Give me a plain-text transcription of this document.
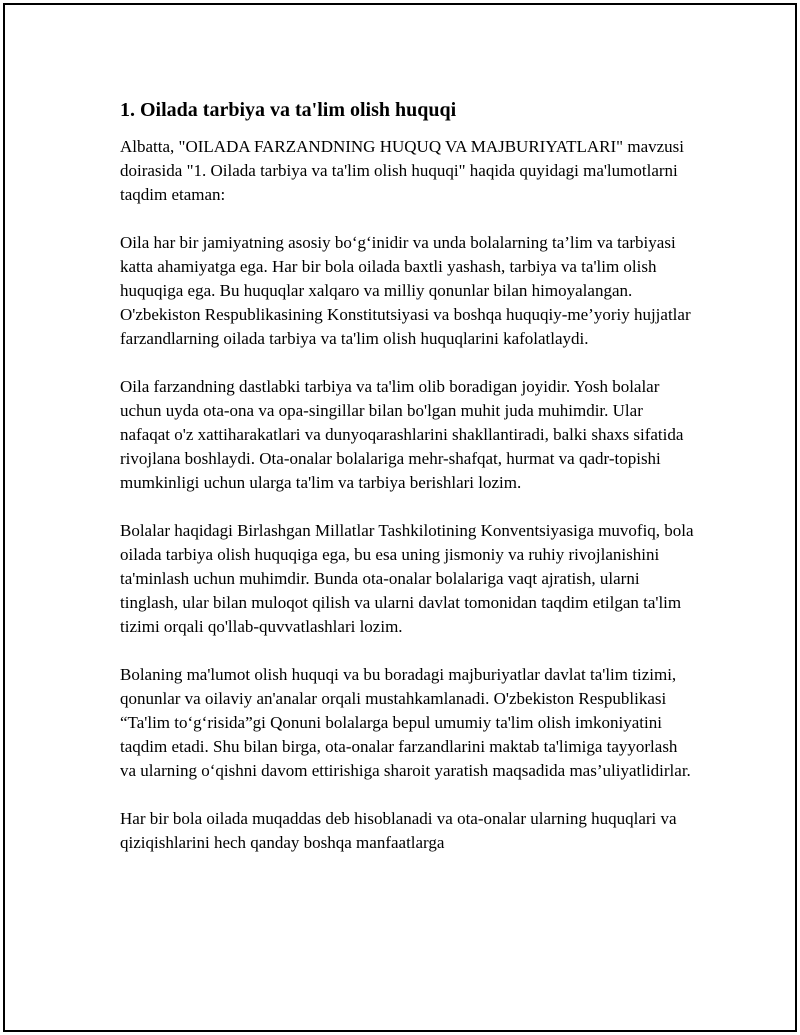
1. Oilada tarbiya va ta'lim olish huquqi

Albatta, "OILADA FARZANDNING HUQUQ VA MAJBURIYATLARI" mavzusi doirasida "1. Oilada tarbiya va ta'lim olish huquqi" haqida quyidagi ma'lumotlarni taqdim etaman:

Oila har bir jamiyatning asosiy bo‘g‘inidir va unda bolalarning ta’lim va tarbiyasi katta ahamiyatga ega. Har bir bola oilada baxtli yashash, tarbiya va ta'lim olish huquqiga ega. Bu huquqlar xalqaro va milliy qonunlar bilan himoyalangan. O'zbekiston Respublikasining Konstitutsiyasi va boshqa huquqiy-me’yoriy hujjatlar farzandlarning oilada tarbiya va ta'lim olish huquqlarini kafolatlaydi.

Oila farzandning dastlabki tarbiya va ta'lim olib boradigan joyidir. Yosh bolalar uchun uyda ota-ona va opa-singillar bilan bo'lgan muhit juda muhimdir. Ular nafaqat o'z xattiharakatlari va dunyoqarashlarini shakllantiradi, balki shaxs sifatida rivojlana boshlaydi. Ota-onalar bolalariga mehr-shafqat, hurmat va qadr-topishi mumkinligi uchun ularga ta'lim va tarbiya berishlari lozim.

Bolalar haqidagi Birlashgan Millatlar Tashkilotining Konventsiyasiga muvofiq, bola oilada tarbiya olish huquqiga ega, bu esa uning jismoniy va ruhiy rivojlanishini ta'minlash uchun muhimdir. Bunda ota-onalar bolalariga vaqt ajratish, ularni tinglash, ular bilan muloqot qilish va ularni davlat tomonidan taqdim etilgan ta'lim tizimi orqali qo'llab-quvvatlashlari lozim.

Bolaning ma'lumot olish huquqi va bu boradagi majburiyatlar davlat ta'lim tizimi, qonunlar va oilaviy an'analar orqali mustahkamlanadi. O'zbekiston Respublikasi “Ta'lim to‘g‘risida”gi Qonuni bolalarga bepul umumiy ta'lim olish imkoniyatini taqdim etadi. Shu bilan birga, ota-onalar farzandlarini maktab ta'limiga tayyorlash va ularning o‘qishni davom ettirishiga sharoit yaratish maqsadida mas’uliyatlidirlar.

Har bir bola oilada muqaddas deb hisoblanadi va ota-onalar ularning huquqlari va qiziqishlarini hech qanday boshqa manfaatlarga
